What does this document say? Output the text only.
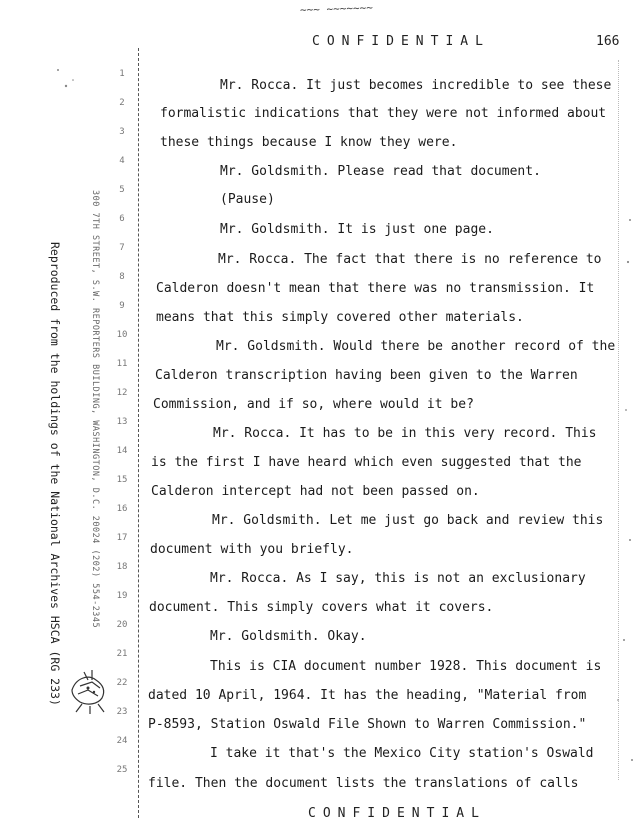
~~~ ~~~~~~~
CONFIDENTIAL	166
1
2
3
4
5
6
7
8
9
10
11
12
13
14
15
16
17
18
19
20
21
22
23
24
25
Reproduced from the holdings of the National Archives HSCA (RG 233)	300 7TH STREET, S.W. REPORTERS BUILDING, WASHINGTON, D.C. 20024 (202) 554-2345
Mr. Rocca. It just becomes incredible to see these
formalistic indications that they were not informed about
these things because I know they were.
Mr. Goldsmith. Please read that document.
(Pause)
Mr. Goldsmith. It is just one page.
Mr. Rocca. The fact that there is no reference to
Calderon doesn't mean that there was no transmission. It
means that this simply covered other materials.
Mr. Goldsmith. Would there be another record of the
Calderon transcription having been given to the Warren
Commission, and if so, where would it be?
Mr. Rocca. It has to be in this very record. This
is the first I have heard which even suggested that the
Calderon intercept had not been passed on.
Mr. Goldsmith. Let me just go back and review this
document with you briefly.
Mr. Rocca. As I say, this is not an exclusionary
document. This simply covers what it covers.
Mr. Goldsmith. Okay.
This is CIA document number 1928. This document is
dated 10 April, 1964. It has the heading, "Material from
P-8593, Station Oswald File Shown to Warren Commission."
I take it that's the Mexico City station's Oswald
file. Then the document lists the translations of calls
CONFIDENTIAL
